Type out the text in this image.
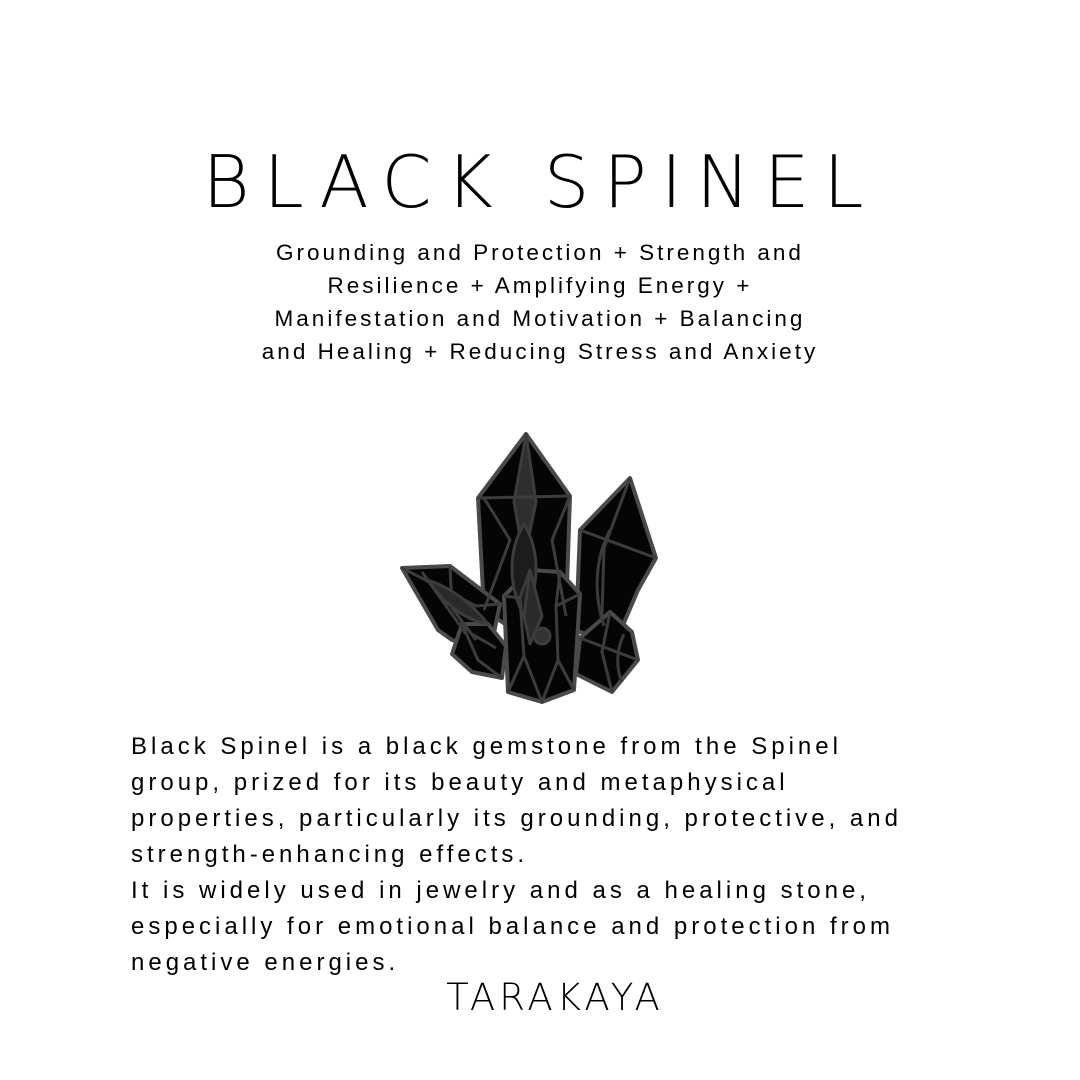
BLACK SPINEL
Grounding and Protection + Strength and
Resilience + Amplifying Energy +
Manifestation and Motivation + Balancing
and Healing + Reducing Stress and Anxiety
Black Spinel is a black gemstone from the Spinel
group, prized for its beauty and metaphysical
properties, particularly its grounding, protective, and
strength-enhancing effects.
It is widely used in jewelry and as a healing stone,
especially for emotional balance and protection from
negative energies.
TARAKAYA
